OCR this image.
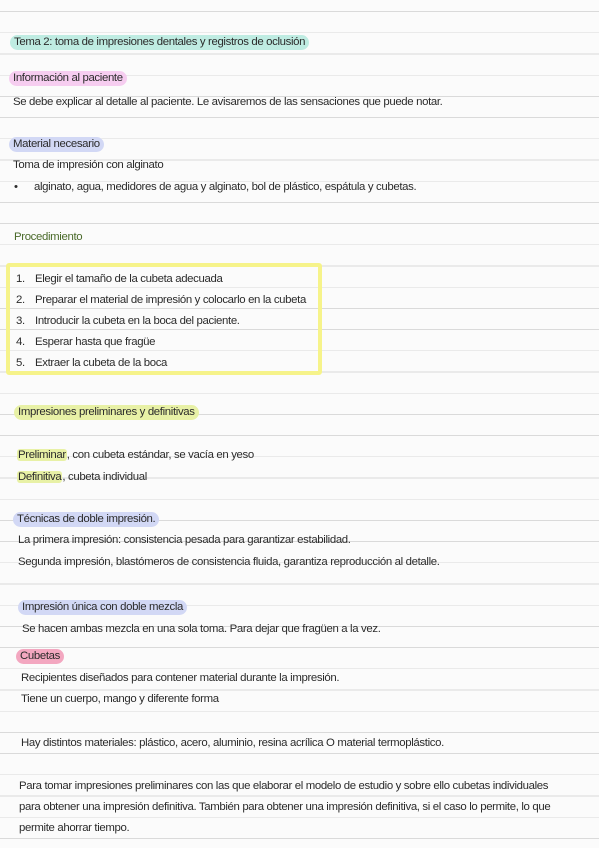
Tema 2: toma de impresiones dentales y registros de oclusión
Información al paciente
Se debe explicar al detalle al paciente. Le avisaremos de las sensaciones que puede notar.
Material necesario
Toma de impresión con alginato
• alginato, agua, medidores de agua y alginato, bol de plástico, espátula y cubetas.
Procedimiento
1. Elegir el tamaño de la cubeta adecuada
2. Preparar el material de impresión y colocarlo en la cubeta
3. Introducir la cubeta en la boca del paciente.
4. Esperar hasta que fragüe
5. Extraer la cubeta de la boca
Impresiones preliminares y definitivas
Preliminar, con cubeta estándar, se vacía en yeso
Definitiva, cubeta individual
Técnicas de doble impresión.
La primera impresión: consistencia pesada para garantizar estabilidad.
Segunda impresión, blastómeros de consistencia fluida, garantiza reproducción al detalle.
Impresión única con doble mezcla
Se hacen ambas mezcla en una sola toma. Para dejar que fragüen a la vez.
Cubetas
Recipientes diseñados para contener material durante la impresión.
Tiene un cuerpo, mango y diferente forma
Hay distintos materiales: plástico, acero, aluminio, resina acrílica O material termoplástico.
Para tomar impresiones preliminares con las que elaborar el modelo de estudio y sobre ello cubetas individuales
para obtener una impresión definitiva. También para obtener una impresión definitiva, si el caso lo permite, lo que
permite ahorrar tiempo.
